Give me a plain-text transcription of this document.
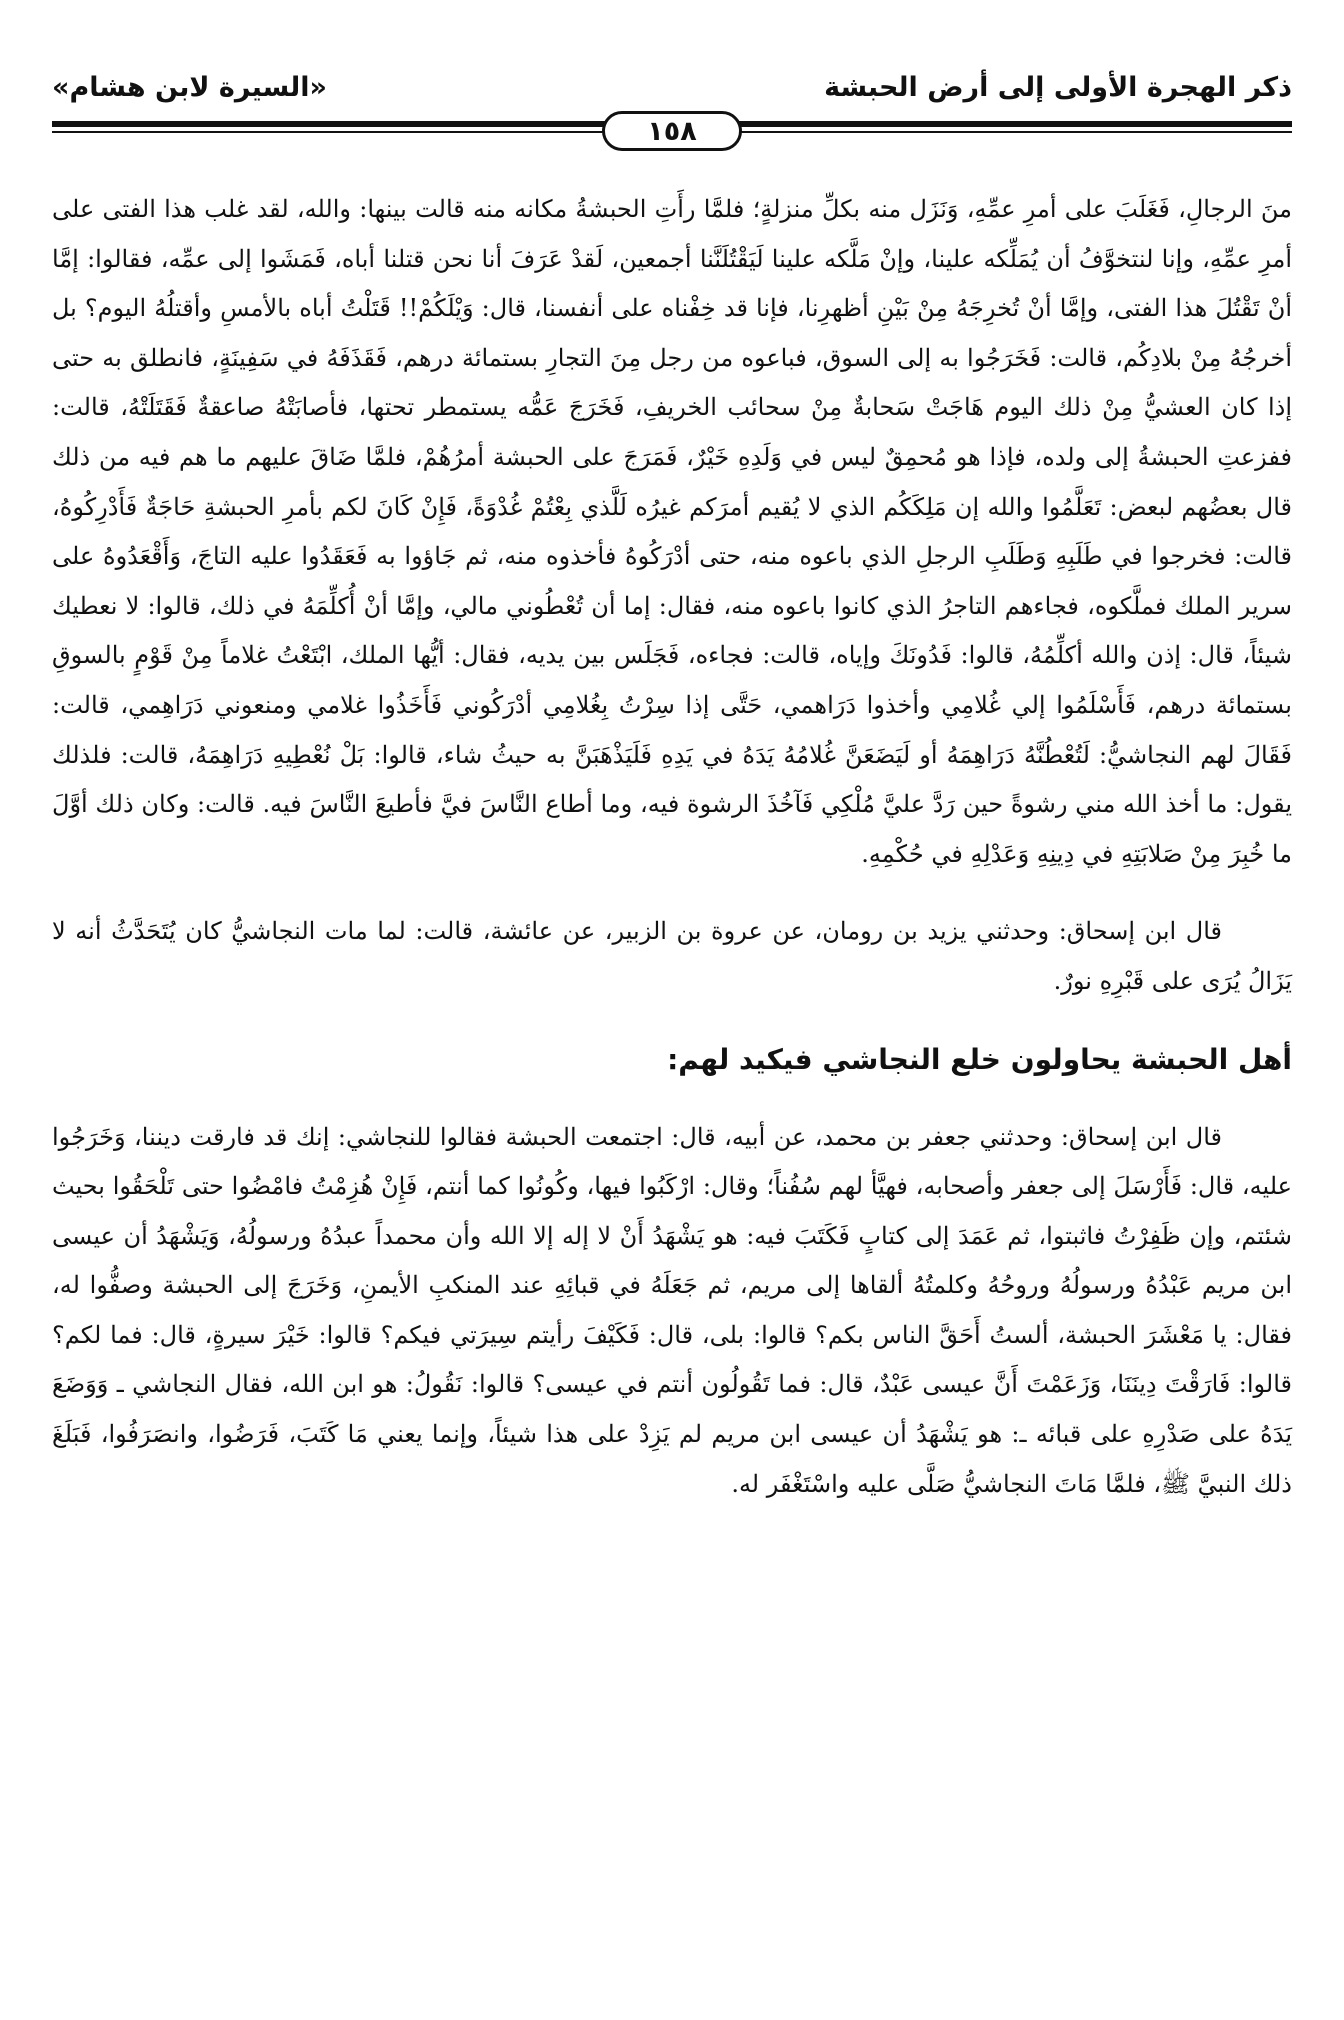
ذكر الهجرة الأولى إلى أرض الحبشة
«السيرة لابن هشام»
١٥٨

منَ الرجالِ، فَغَلَبَ على أمرِ عمِّهِ، وَنَزَل منه بكلِّ منزلةٍ؛ فلمَّا رأَتِ الحبشةُ مكانه منه قالت بينها: والله، لقد غلب هذا الفتى على أمرِ عمِّهِ، وإنا لنتخوَّفُ أن يُمَلِّكه علينا، وإنْ مَلَّكه علينا لَيَقْتُلَنَّنا أجمعين، لَقدْ عَرَفَ أنا نحن قتلنا أباه، فَمَشَوا إلى عمِّه، فقالوا: إمَّا أنْ تَقْتُلَ هذا الفتى، وإمَّا أنْ تُخرِجَهُ مِنْ بَيْنِ أظهرِنا، فإنا قد خِفْناه على أنفسنا، قال: وَيْلَكُمْ!! قَتَلْتُ أباه بالأمسِ وأقتلُهُ اليوم؟ بل أخرجُهُ مِنْ بلادِكُم، قالت: فَخَرَجُوا به إلى السوق، فباعوه من رجل مِنَ التجارِ بستمائة درهم، فَقَذَفَهُ في سَفِينَةٍ، فانطلق به حتى إذا كان العشيُّ مِنْ ذلك اليوم هَاجَتْ سَحابةٌ مِنْ سحائب الخريفِ، فَخَرَجَ عَمُّه يستمطر تحتها، فأصابَتْهُ صاعقةٌ فَقَتَلَتْهُ، قالت: ففزعتِ الحبشةُ إلى ولده، فإذا هو مُحمِقٌ ليس في وَلَدِهِ خَيْرٌ، فَمَرَجَ على الحبشة أمرُهُمْ، فلمَّا ضَاقَ عليهم ما هم فيه من ذلك قال بعضُهم لبعض: تَعَلَّمُوا والله إن مَلِكَكُم الذي لا يُقيم أمرَكم غيرُه لَلَّذي بِعْتُمْ غُدْوَةً، فَإِنْ كَانَ لكم بأمرِ الحبشةِ حَاجَةٌ فَأَدْرِكُوهُ، قالت: فخرجوا في طَلَبِهِ وَطَلَبِ الرجلِ الذي باعوه منه، حتى أدْرَكُوهُ فأخذوه منه، ثم جَاؤوا به فَعَقَدُوا عليه التاجَ، وَأَقْعَدُوهُ على سرير الملك فملَّكوه، فجاءهم التاجرُ الذي كانوا باعوه منه، فقال: إما أن تُعْطُوني مالي، وإمَّا أنْ أُكلِّمَهُ في ذلك، قالوا: لا نعطيك شيئاً، قال: إذن والله أكلِّمُهُ، قالوا: فَدُونَكَ وإياه، قالت: فجاءه، فَجَلَس بين يديه، فقال: أيُّها الملك، ابْتَعْتُ غلاماً مِنْ قَوْمٍ بالسوقِ بستمائة درهم، فَأَسْلَمُوا إلي غُلامِي وأخذوا دَرَاهمي، حَتَّى إذا سِرْتُ بِغُلامِي أدْرَكُوني فَأَخَذُوا غلامي ومنعوني دَرَاهِمي، قالت: فَقَالَ لهم النجاشيُّ: لَتُعْطُنَّهُ دَرَاهِمَهُ أو لَيَضَعَنَّ غُلامُهُ يَدَهُ في يَدِهِ فَلَيَذْهَبَنَّ به حيثُ شاء، قالوا: بَلْ نُعْطِيهِ دَرَاهِمَهُ، قالت: فلذلك يقول: ما أخذ الله مني رشوةً حين رَدَّ عليَّ مُلْكِي فَآخُذَ الرشوة فيه، وما أطاع النَّاسَ فيَّ فأطيعَ النَّاسَ فيه. قالت: وكان ذلك أوَّلَ ما خُبِرَ مِنْ صَلابَتِهِ في دِينِهِ وَعَدْلِهِ في حُكْمِهِ.

قال ابن إسحاق: وحدثني يزيد بن رومان، عن عروة بن الزبير، عن عائشة، قالت: لما مات النجاشيُّ كان يُتَحَدَّثُ أنه لا يَزَالُ يُرَى على قَبْرِهِ نورٌ.

أهل الحبشة يحاولون خلع النجاشي فيكيد لهم:

قال ابن إسحاق: وحدثني جعفر بن محمد، عن أبيه، قال: اجتمعت الحبشة فقالوا للنجاشي: إنك قد فارقت ديننا، وَخَرَجُوا عليه، قال: فَأَرْسَلَ إلى جعفر وأصحابه، فهيَّأ لهم سُفُناً؛ وقال: ارْكَبُوا فيها، وكُونُوا كما أنتم، فَإِنْ هُزِمْتُ فامْضُوا حتى تَلْحَقُوا بحيث شئتم، وإن ظَفِرْتُ فاثبتوا، ثم عَمَدَ إلى كتابٍ فَكَتَبَ فيه: هو يَشْهَدُ أَنْ لا إله إلا الله وأن محمداً عبدُهُ ورسولُهُ، وَيَشْهَدُ أن عيسى ابن مريم عَبْدُهُ ورسولُهُ وروحُهُ وكلمتُهُ ألقاها إلى مريم، ثم جَعَلَهُ في قبائِهِ عند المنكبِ الأيمنِ، وَخَرَجَ إلى الحبشة وصفُّوا له، فقال: يا مَعْشَرَ الحبشة، ألستُ أَحَقَّ الناس بكم؟ قالوا: بلى، قال: فَكَيْفَ رأيتم سِيرَتي فيكم؟ قالوا: خَيْرَ سيرةٍ، قال: فما لكم؟ قالوا: فَارَقْتَ دِينَنَا، وَزَعَمْتَ أَنَّ عيسى عَبْدٌ، قال: فما تَقُولُون أنتم في عيسى؟ قالوا: نَقُولُ: هو ابن الله، فقال النجاشي ـ وَوَضَعَ يَدَهُ على صَدْرِهِ على قبائه ـ: هو يَشْهَدُ أن عيسى ابن مريم لم يَزِدْ على هذا شيئاً، وإنما يعني مَا كَتَبَ، فَرَضُوا، وانصَرَفُوا، فَبَلَغَ ذلك النبيَّ ﷺ، فلمَّا مَاتَ النجاشيُّ صَلَّى عليه واسْتَغْفَر له.
